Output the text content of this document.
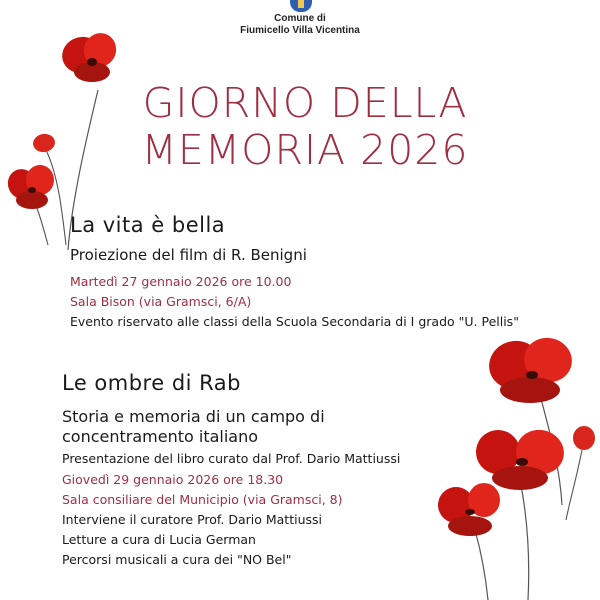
Comune di
Fiumicello Villa Vicentina
GIORNO DELLA
MEMORIA 2026
La vita è bella
Proiezione del film di R. Benigni
Martedì 27 gennaio 2026 ore 10.00
Sala Bison (via Gramsci, 6/A)
Evento riservato alle classi della Scuola Secondaria di I grado "U. Pellis"
Le ombre di Rab
Storia e memoria di un campo di
concentramento italiano
Presentazione del libro curato dal Prof. Dario Mattiussi
Giovedì 29 gennaio 2026 ore 18.30
Sala consiliare del Municipio (via Gramsci, 8)
Interviene il curatore Prof. Dario Mattiussi
Letture a cura di Lucia German
Percorsi musicali a cura dei "NO Bel"
